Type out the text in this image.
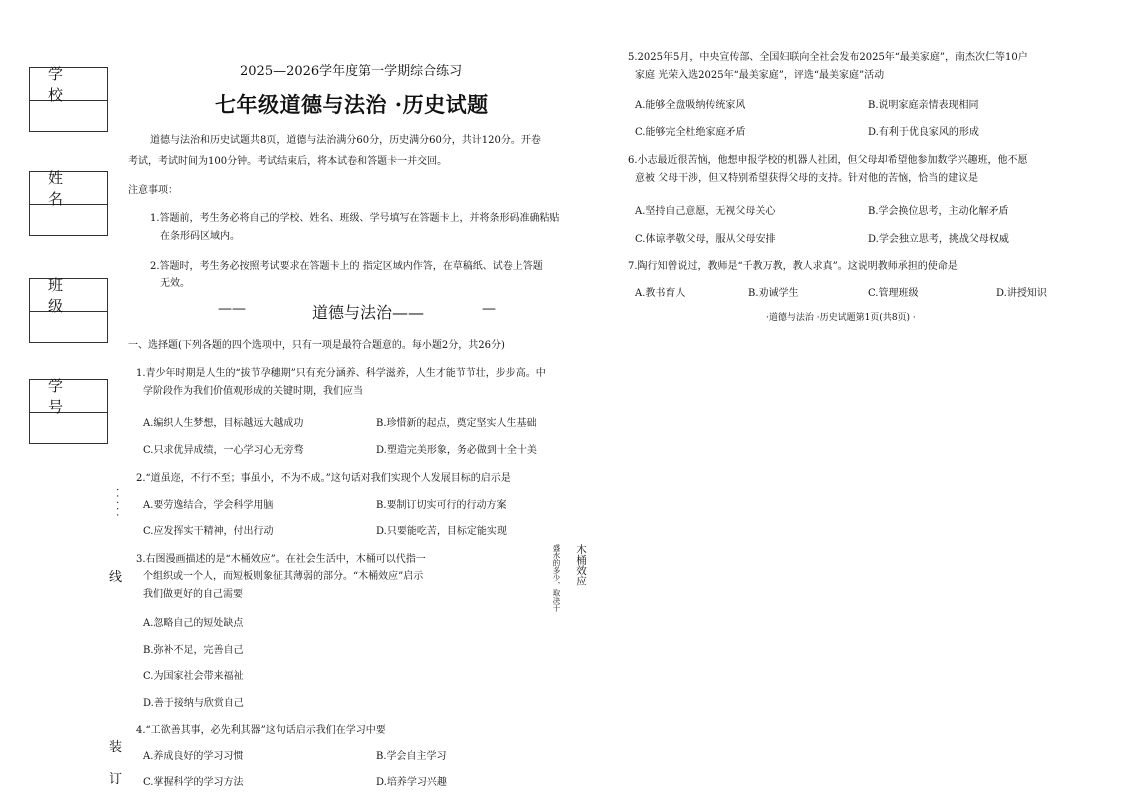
学 校
姓 名
班 级
学 号
· · · · ·
线
装
订
2025—2026学年度第一学期综合练习
七年级道德与法治 ·历史试题
道德与法治和历史试题共8页，道德与法治满分60分，历史满分60分，共计120分。开卷
考试，考试时间为100分钟。考试结束后，将本试卷和答题卡一并交回。
注意事项：
1.答题前，考生务必将自己的学校、姓名、班级、学号填写在答题卡上，并将条形码准确粘贴
在条形码区域内。
2.答题时，考生务必按照考试要求在答题卡上的 指定区域内作答，在草稿纸、试卷上答题
无效。
——	道德与法治——	—
一、选择题(下列各题的四个选项中，只有一项是最符合题意的。每小题2分，共26分)
1.青少年时期是人生的“拔节孕穗期”只有充分涵养、科学滋养，人生才能节节壮，步步高。中
学阶段作为我们价值观形成的关键时期，我们应当
A.编织人生梦想，目标越远大越成功	B.珍惜新的起点，奠定坚实人生基础
C.只求优异成绩，一心学习心无旁骛	D.塑造完美形象，务必做到十全十美
2.“道虽迩，不行不至；事虽小，不为不成。”这句话对我们实现个人发展目标的启示是
A.要劳逸结合，学会科学用脑	B.要制订切实可行的行动方案
C.应发挥实干精神，付出行动	D.只要能吃苦，目标定能实现
3.右图漫画描述的是“木桶效应”。在社会生活中，木桶可以代指一
个组织或一个人，而短板则象征其薄弱的部分。“木桶效应”启示
我们做更好的自己需要
A.忽略自己的短处缺点
B.弥补不足，完善自己
C.为国家社会带来福祉
D.善于接纳与欣赏自己
木桶效应
盛水的多少，取决于
4.“工欲善其事，必先利其器”这句话启示我们在学习中要
A.养成良好的学习习惯	B.学会自主学习
C.掌握科学的学习方法	D.培养学习兴趣
5.2025年5月，中央宣传部、全国妇联向全社会发布2025年“最美家庭”，南杰次仁等10户
家庭 光荣入选2025年“最美家庭”，评选“最美家庭”活动
A.能够全盘吸纳传统家风	B.说明家庭亲情表现相同
C.能够完全杜绝家庭矛盾	D.有利于优良家风的形成
6.小志最近很苦恼，他想申报学校的机器人社团，但父母却希望他参加数学兴趣班，他不愿
意被 父母干涉，但又特别希望获得父母的支持。针对他的苦恼，恰当的建议是
A.坚持自己意愿，无视父母关心	B.学会换位思考，主动化解矛盾
C.体谅孝敬父母，服从父母安排	D.学会独立思考，挑战父母权威
7.陶行知曾说过，教师是“千教万教，教人求真”。这说明教师承担的使命是
A.教书育人	B.劝诫学生	C.管理班级	D.讲授知识
·道德与法治 ·历史试题第1页(共8页) ·
